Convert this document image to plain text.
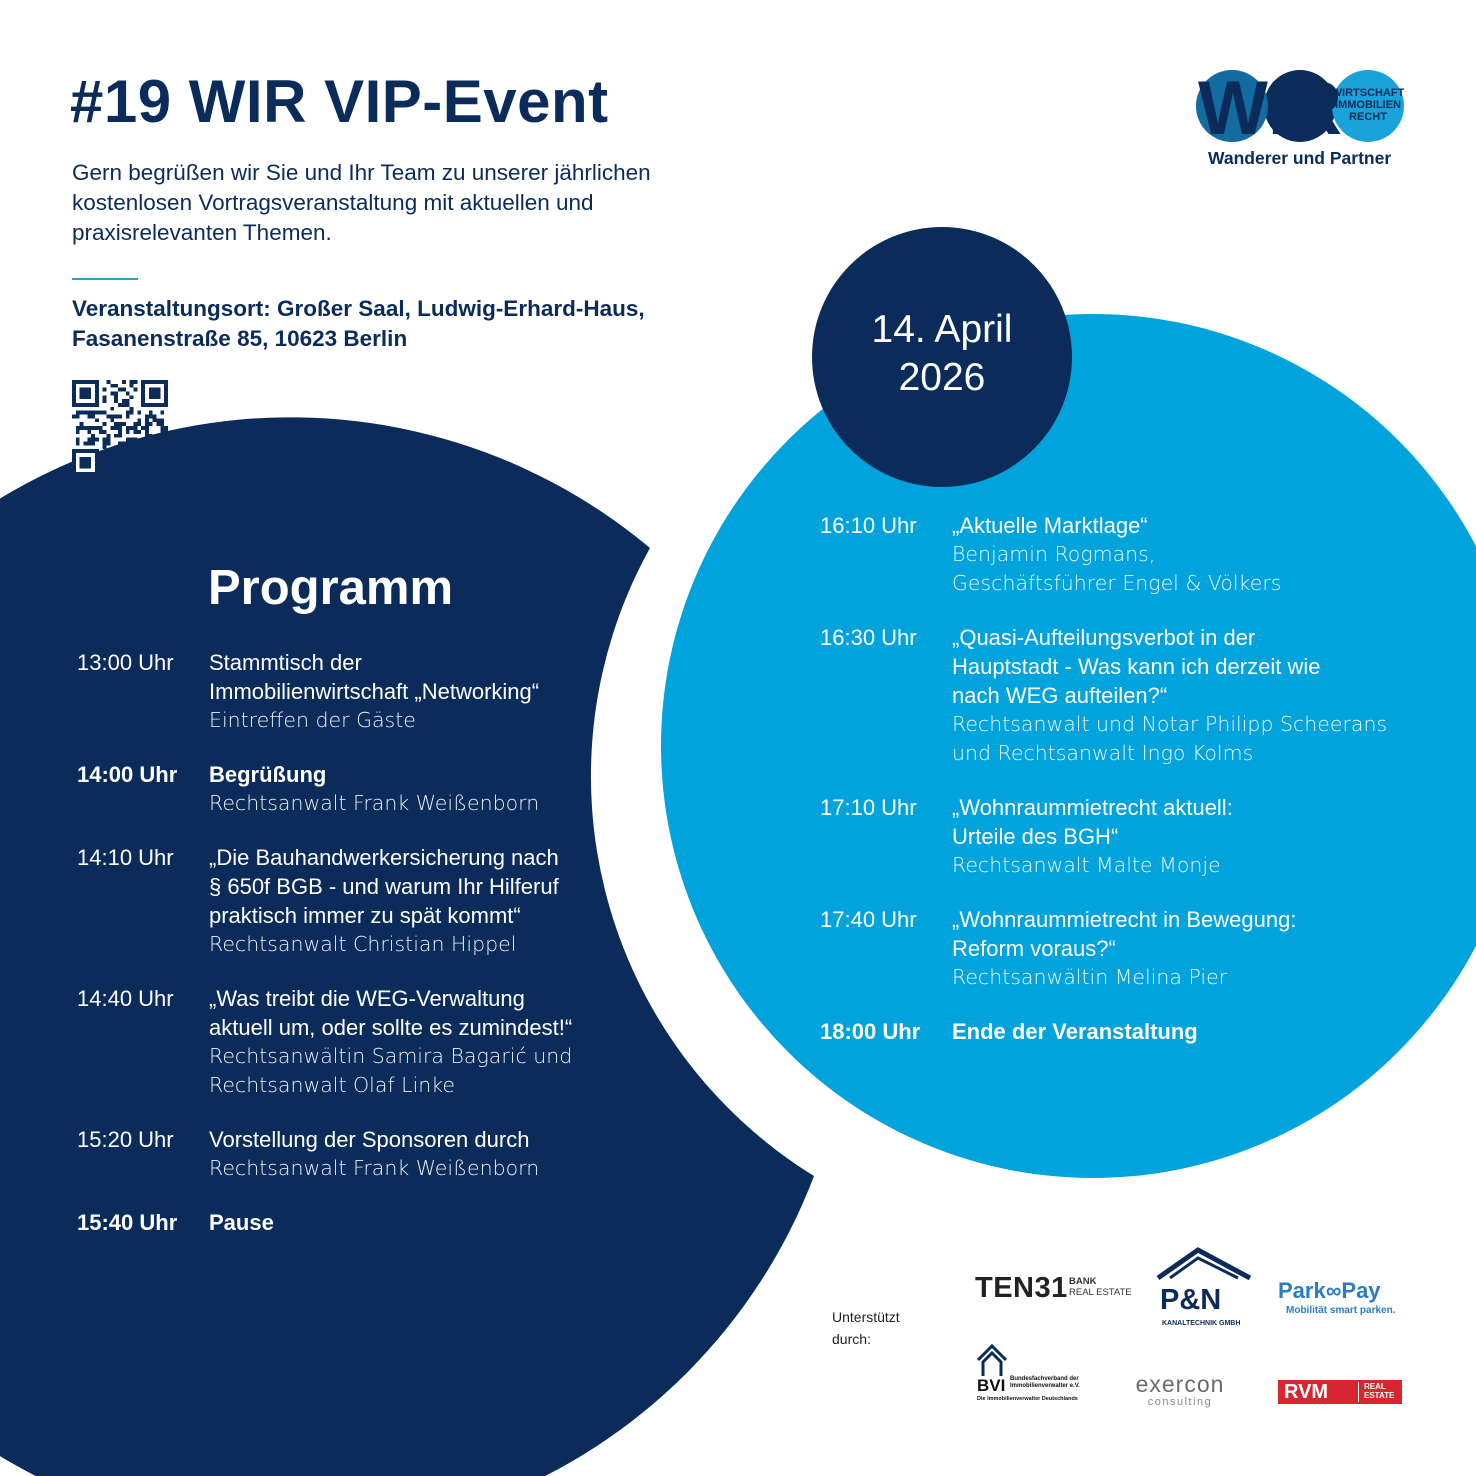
#19 WIR VIP-Event
Gern begrüßen wir Sie und Ihr Team zu unserer jährlichen kostenlosen Vortragsveranstaltung mit aktuellen und praxisrelevanten Themen.
Veranstaltungsort: Großer Saal, Ludwig-Erhard-Haus,
Fasanenstraße 85, 10623 Berlin
WIR
WIRTSCHAFT
IMMOBILIEN
RECHT
Wanderer und Partner
14. April
2026
Programm
13:00 Uhr	Stammtisch der
Immobilienwirtschaft „Networking“
Eintreffen der Gäste
14:00 Uhr	Begrüßung
Rechtsanwalt Frank Weißenborn
14:10 Uhr	„Die Bauhandwerkersicherung nach
§ 650f BGB - und warum Ihr Hilferuf
praktisch immer zu spät kommt“
Rechtsanwalt Christian Hippel
14:40 Uhr	„Was treibt die WEG-Verwaltung
aktuell um, oder sollte es zumindest!“
Rechtsanwältin Samira Bagarić und
Rechtsanwalt Olaf Linke
15:20 Uhr	Vorstellung der Sponsoren durch
Rechtsanwalt Frank Weißenborn
15:40 Uhr	Pause
16:10 Uhr	„Aktuelle Marktlage“
Benjamin Rogmans,
Geschäftsführer Engel & Völkers
16:30 Uhr	„Quasi-Aufteilungsverbot in der
Hauptstadt - Was kann ich derzeit wie
nach WEG aufteilen?“
Rechtsanwalt und Notar Philipp Scheerans
und Rechtsanwalt Ingo Kolms
17:10 Uhr	„Wohnraummietrecht aktuell:
Urteile des BGH“
Rechtsanwalt Malte Monje
17:40 Uhr	„Wohnraummietrecht in Bewegung:
Reform voraus?“
Rechtsanwältin Melina Pier
18:00 Uhr	Ende der Veranstaltung
Unterstützt
durch:
TEN31 BANK
REAL ESTATE P&N
KANALTECHNIK GMBH
Park∞Pay
$^{Mobilität smart parken.}$
BVI Bundesfachverband der
Immobilienverwalter e.V.
Die Immobilienverwalter Deutschlands
exercon
consulting	RVM	REAL
ESTATE
